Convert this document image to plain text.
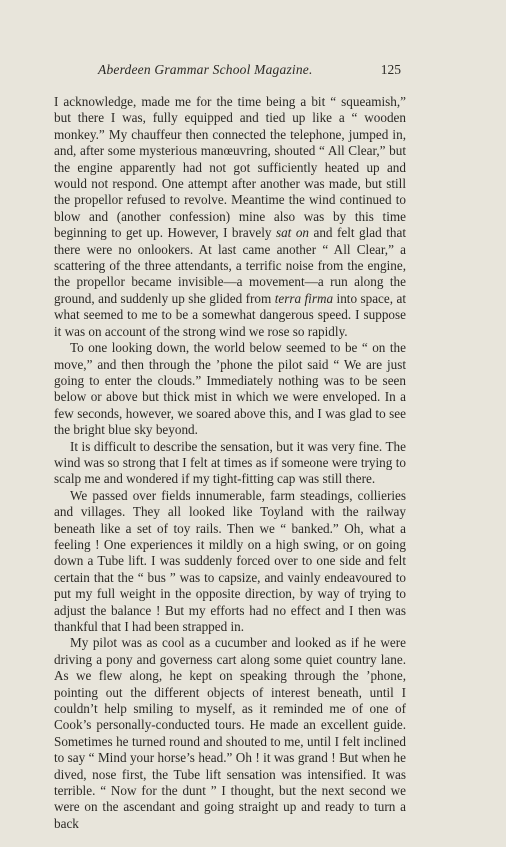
Aberdeen Grammar School Magazine.	125

I acknowledge, made me for the time being a bit “ squeamish,” but there I was, fully equipped and tied up like a “ wooden monkey.” My chauffeur then connected the telephone, jumped in, and, after some mysterious manœuvring, shouted “ All Clear,” but the engine apparently had not got sufficiently heated up and would not respond. One attempt after another was made, but still the propellor refused to revolve. Meantime the wind continued to blow and (another confession) mine also was by this time beginning to get up. However, I bravely sat on and felt glad that there were no onlookers. At last came another “ All Clear,” a scattering of the three attendants, a terrific noise from the engine, the propellor became invisible—a movement—a run along the ground, and suddenly up she glided from terra firma into space, at what seemed to me to be a somewhat dangerous speed. I suppose it was on account of the strong wind we rose so rapidly.

To one looking down, the world below seemed to be “ on the move,” and then through the ’phone the pilot said “ We are just going to enter the clouds.” Immediately nothing was to be seen below or above but thick mist in which we were enveloped. In a few seconds, however, we soared above this, and I was glad to see the bright blue sky beyond.

It is difficult to describe the sensation, but it was very fine. The wind was so strong that I felt at times as if someone were trying to scalp me and wondered if my tight-fitting cap was still there.

We passed over fields innumerable, farm steadings, collieries and villages. They all looked like Toyland with the railway beneath like a set of toy rails. Then we “ banked.” Oh, what a feeling ! One experiences it mildly on a high swing, or on going down a Tube lift. I was suddenly forced over to one side and felt certain that the “ bus ” was to capsize, and vainly endeavoured to put my full weight in the opposite direction, by way of trying to adjust the balance ! But my efforts had no effect and I then was thankful that I had been strapped in.

My pilot was as cool as a cucumber and looked as if he were driving a pony and governess cart along some quiet country lane. As we flew along, he kept on speaking through the ’phone, pointing out the different objects of interest beneath, until I couldn’t help smiling to myself, as it reminded me of one of Cook’s personally-conducted tours. He made an excellent guide. Sometimes he turned round and shouted to me, until I felt inclined to say “ Mind your horse’s head.” Oh ! it was grand ! But when he dived, nose first, the Tube lift sensation was intensified. It was terrible. “ Now for the dunt ” I thought, but the next second we were on the ascendant and going straight up and ready to turn a back
